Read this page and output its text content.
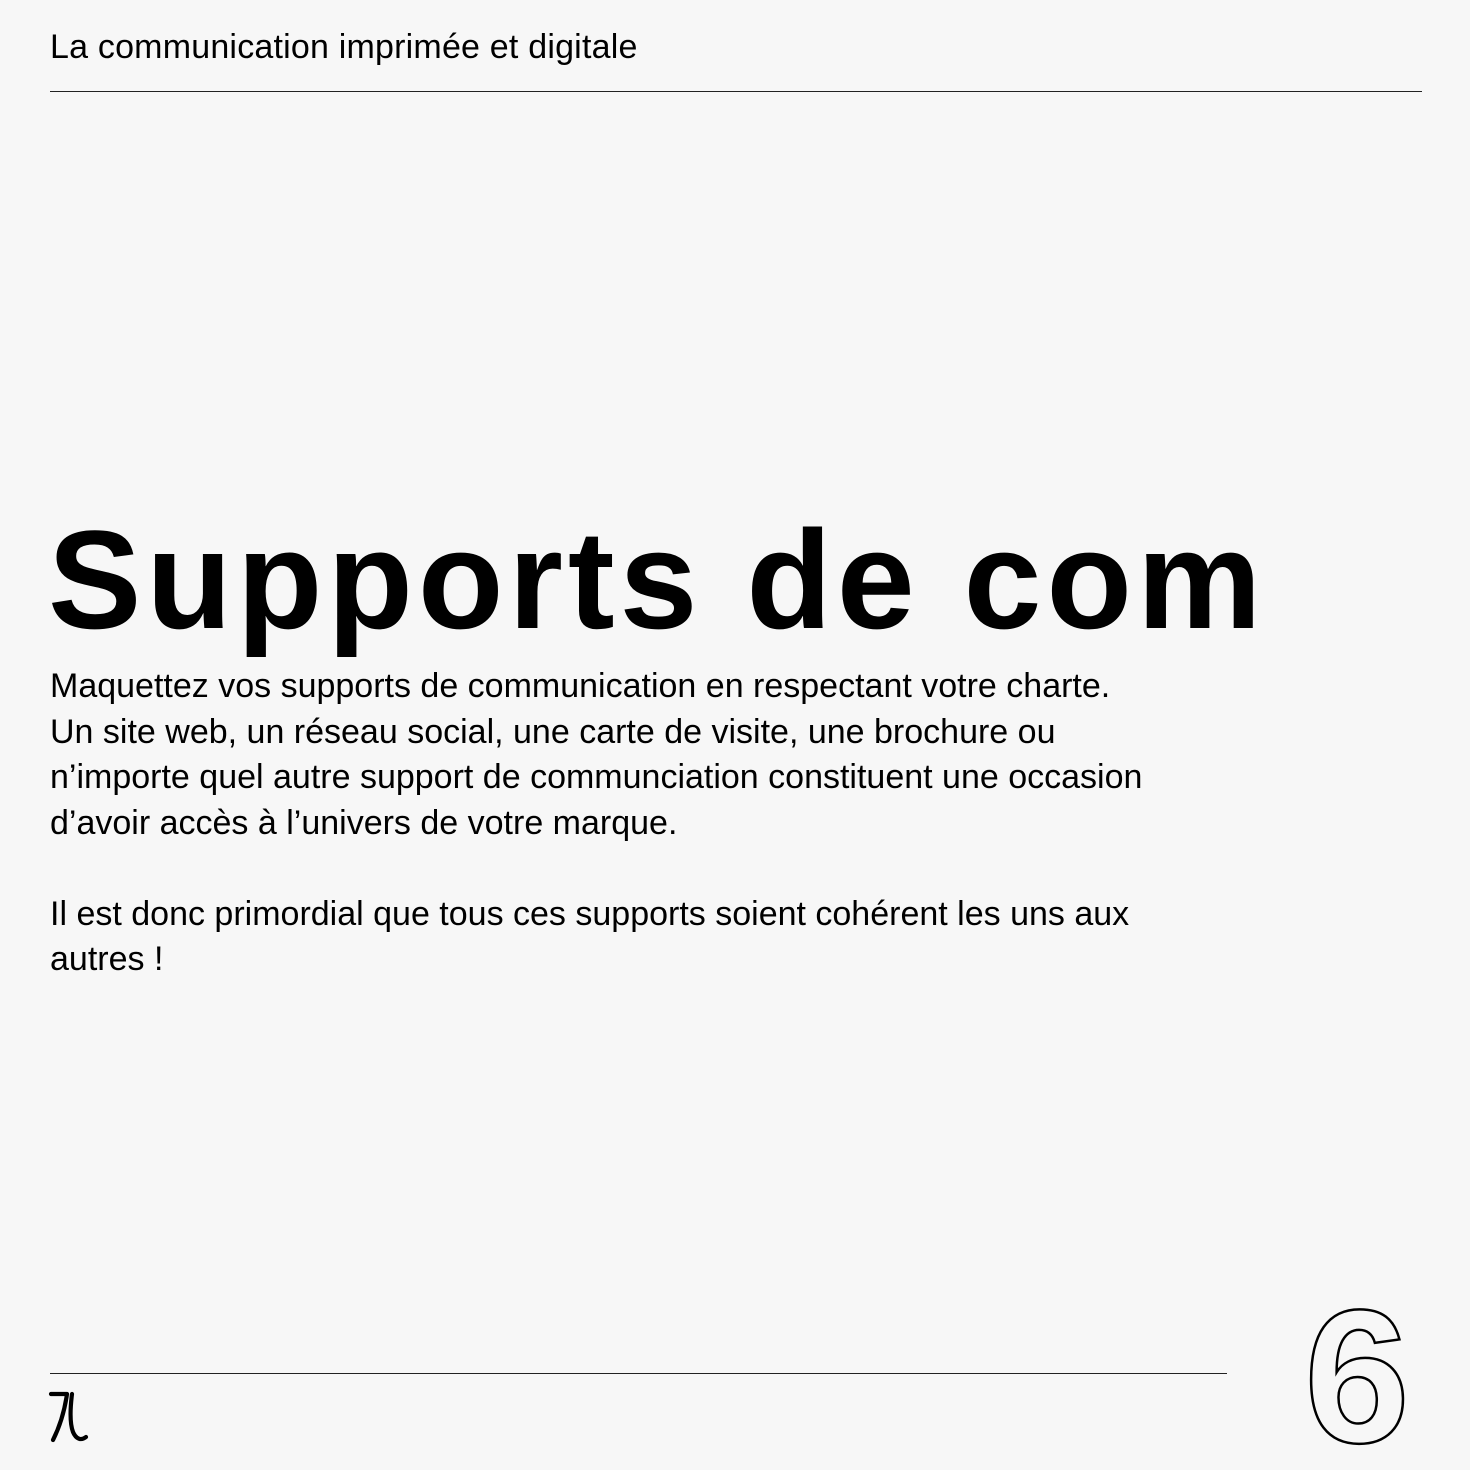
La communication imprimée et digitale
Supports de com

Maquettez vos supports de communication en respectant votre charte.
Un site web, un réseau social, une carte de visite, une brochure ou
n’importe quel autre support de communciation constituent une occasion
d’avoir accès à l’univers de votre marque.

Il est donc primordial que tous ces supports soient cohérent les uns aux
autres !

6
